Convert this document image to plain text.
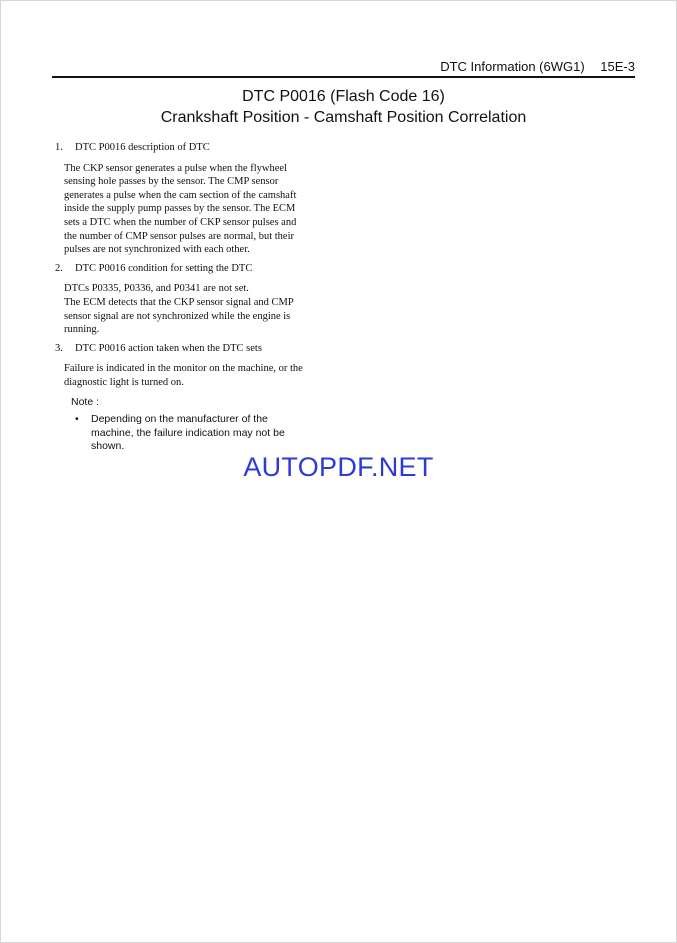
DTC Information (6WG1) 15E-3
DTC P0016 (Flash Code 16)
Crankshaft Position - Camshaft Position Correlation
1.	DTC P0016 description of DTC
The CKP sensor generates a pulse when the flywheel
sensing hole passes by the sensor. The CMP sensor
generates a pulse when the cam section of the camshaft
inside the supply pump passes by the sensor. The ECM
sets a DTC when the number of CKP sensor pulses and
the number of CMP sensor pulses are normal, but their
pulses are not synchronized with each other.
2.	DTC P0016 condition for setting the DTC
DTCs P0335, P0336, and P0341 are not set.
The ECM detects that the CKP sensor signal and CMP
sensor signal are not synchronized while the engine is
running.
3.	DTC P0016 action taken when the DTC sets
Failure is indicated in the monitor on the machine, or the
diagnostic light is turned on.
Note :
•	Depending on the manufacturer of the
machine, the failure indication may not be
shown.
AUTOPDF.NET
